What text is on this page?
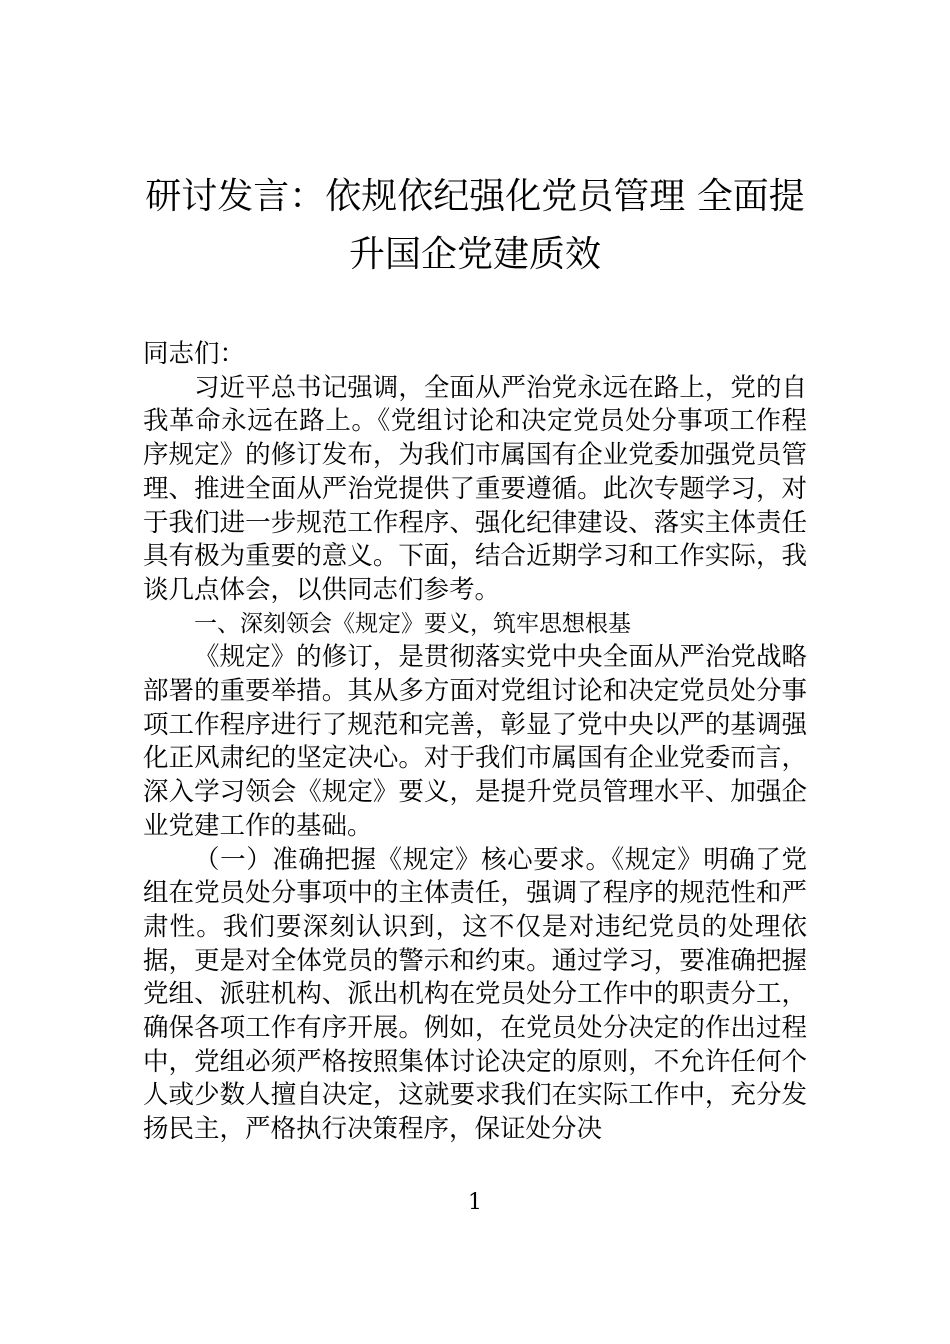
研讨发言：依规依纪强化党员管理 全面提
升国企党建质效

同志们：

习近平总书记强调，全面从严治党永远在路上，党的自我革命永远在路上。《党组讨论和决定党员处分事项工作程序规定》的修订发布，为我们市属国有企业党委加强党员管理、推进全面从严治党提供了重要遵循。此次专题学习，对于我们进一步规范工作程序、强化纪律建设、落实主体责任具有极为重要的意义。下面，结合近期学习和工作实际，我谈几点体会，以供同志们参考。

一、深刻领会《规定》要义，筑牢思想根基

《规定》的修订，是贯彻落实党中央全面从严治党战略部署的重要举措。其从多方面对党组讨论和决定党员处分事项工作程序进行了规范和完善，彰显了党中央以严的基调强化正风肃纪的坚定决心。对于我们市属国有企业党委而言，深入学习领会《规定》要义，是提升党员管理水平、加强企业党建工作的基础。

（一）准确把握《规定》核心要求。《规定》明确了党组在党员处分事项中的主体责任，强调了程序的规范性和严肃性。我们要深刻认识到，这不仅是对违纪党员的处理依据，更是对全体党员的警示和约束。通过学习，要准确把握党组、派驻机构、派出机构在党员处分工作中的职责分工，确保各项工作有序开展。例如，在党员处分决定的作出过程中，党组必须严格按照集体讨论决定的原则，不允许任何个人或少数人擅自决定，这就要求我们在实际工作中，充分发扬民主，严格执行决策程序，保证处分决

1
